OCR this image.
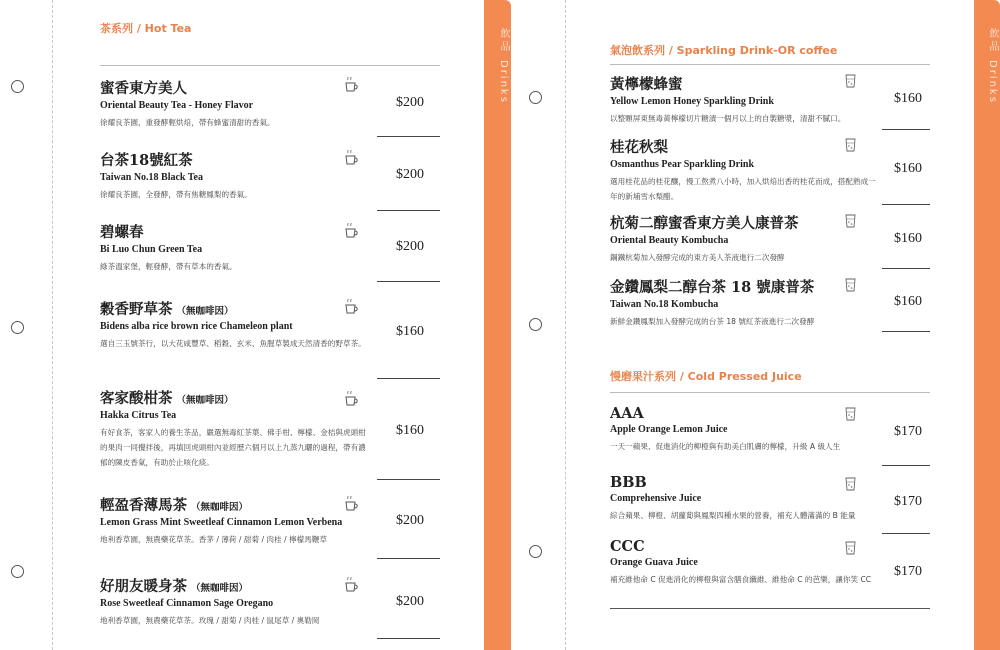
茶系列 / Hot Tea
蜜香東方美人
Oriental Beauty Tea - Honey Flavor
徐耀良茶園，重發酵輕烘焙，帶有蜂蜜清甜的香氣。
$200
台茶18號紅茶
Taiwan No.18 Black Tea
徐耀良茶園，全發酵，帶有焦糖鳳梨的香氣。
$200
碧螺春
Bi Luo Chun Green Tea
綠茶溫家堡，輕發酵，帶有草本的香氣。
$200
穀香野草茶 （無咖啡因）
Bidens alba rice brown rice Chameleon plant
選自三玉號茶行，以大花咸豐草、稻穀、玄米、魚腥草製成天然清香的野草茶。
$160
客家酸柑茶 （無咖啡因）
Hakka Citrus Tea
有好食茶，客家人的養生茶品，嚴選無毒紅茶葉、佛手柑、檸檬、金桔與虎頭柑的果肉一同攪拌後，再填回虎頭柑內並經歷六個月以上九蒸九曬的過程，帶有濃郁的陳皮香氣，有助於止咳化痰。
$160
輕盈香薄馬茶 （無咖啡因）
Lemon Grass Mint Sweetleaf Cinnamon Lemon Verbena
地利香草園，無農藥花草茶。香茅 / 薄荷 / 甜菊 / 肉桂 / 檸檬馬鞭草
$200
好朋友暖身茶 （無咖啡因）
Rose Sweetleaf Cinnamon Sage Oregano
地利香草園，無農藥花草茶。玫瑰 / 甜菊 / 肉桂 / 鼠尾草 / 奧勒岡
$200
飲品Drinks
氣泡飲系列 / Sparkling Drink-OR coffee
黃檸檬蜂蜜
Yellow Lemon Honey Sparkling Drink
以整顆屏東無毒黃檸檬切片糖漬一個月以上的自製糖漿，清甜不膩口。
$160
桂花秋梨
Osmanthus Pear Sparkling Drink
選用桂花品的桂花釀，慢工熬煮八小時，加入烘焙出香的桂花而成，搭配熟成一年的新埔雪水梨醋。
$160
杭菊二醇蜜香東方美人康普茶
Oriental Beauty Kombucha
鋼鐵杭菊加入發酵完成的東方美人茶液進行二次發酵
$160
金鑽鳳梨二醇台茶 18 號康普茶
Taiwan No.18 Kombucha
新鮮金鑽鳳梨加入發酵完成的台茶 18 號紅茶液進行二次發酵
$160
慢磨果汁系列 / Cold Pressed Juice
AAA
Apple Orange Lemon Juice
一天一蘋果、促進消化的柳橙與有助美白肌膚的檸檬，升級 A 級人生
$170
BBB
Comprehensive Juice
綜合蘋果、柳橙、胡蘿蔔與鳳梨四種水果的營養，補充人體滿滿的 B 能量
$170
CCC
Orange Guava Juice
補充維他命 C 促進消化的柳橙與富含膳食纖維、維他命 C 的芭樂，讓你笑 CC
$170
飲品Drinks
